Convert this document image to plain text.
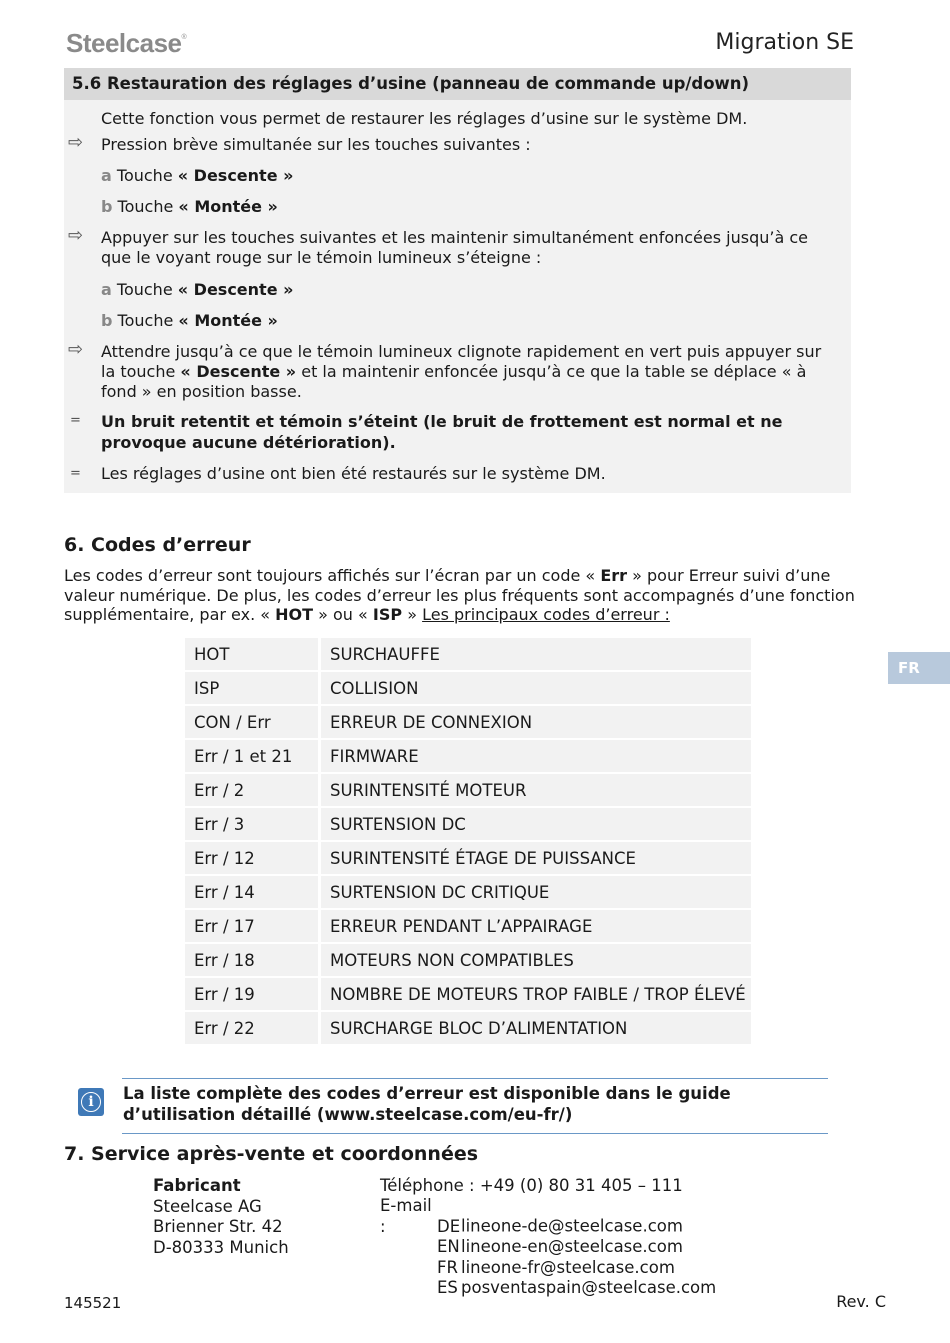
Steelcase®	Migration SE
5.6 Restauration des réglages d’usine (panneau de commande up/down)
Cette fonction vous permet de restaurer les réglages d’usine sur le système DM.
⇨ Pression brève simultanée sur les touches suivantes :
a Touche « Descente »
b Touche « Montée »
⇨ Appuyer sur les touches suivantes et les maintenir simultanément enfoncées jusqu’à ce que le voyant rouge sur le témoin lumineux s’éteigne :
a Touche « Descente »
b Touche « Montée »
⇨ Attendre jusqu’à ce que le témoin lumineux clignote rapidement en vert puis appuyer sur la touche « Descente » et la maintenir enfoncée jusqu’à ce que la table se déplace « à fond » en position basse.
= Un bruit retentit et témoin s’éteint (le bruit de frottement est normal et ne provoque aucune détérioration).
= Les réglages d’usine ont bien été restaurés sur le système DM.
6. Codes d’erreur
Les codes d’erreur sont toujours affichés sur l’écran par un code « Err » pour Erreur suivi d’une valeur numérique. De plus, les codes d’erreur les plus fréquents sont accompagnés d’une fonction supplémentaire, par ex. « HOT » ou « ISP » Les principaux codes d’erreur :
HOT		SURCHAUFFE
ISP		COLLISION
CON / Err		ERREUR DE CONNEXION
Err / 1 et 21		FIRMWARE
Err / 2		SURINTENSITÉ MOTEUR
Err / 3		SURTENSION DC
Err / 12		SURINTENSITÉ ÉTAGE DE PUISSANCE
Err / 14		SURTENSION DC CRITIQUE
Err / 17		ERREUR PENDANT L’APPAIRAGE
Err / 18		MOTEURS NON COMPATIBLES
Err / 19		NOMBRE DE MOTEURS TROP FAIBLE / TROP ÉLEVÉ
Err / 22		SURCHARGE BLOC D’ALIMENTATION
FR
i	La liste complète des codes d’erreur est disponible dans le guide d’utilisation détaillé (www.steelcase.com/eu-fr/)
7. Service après-vente et coordonnées
Fabricant
Steelcase AG
Brienner Str. 42
D-80333 Munich
Téléphone : +49 (0) 80 31 405 – 111
E-mail :	DElineone-de@steelcase.com
ENlineone-en@steelcase.com
FR lineone-fr@steelcase.com
ES posventaspain@steelcase.com
145521	Rev. C
